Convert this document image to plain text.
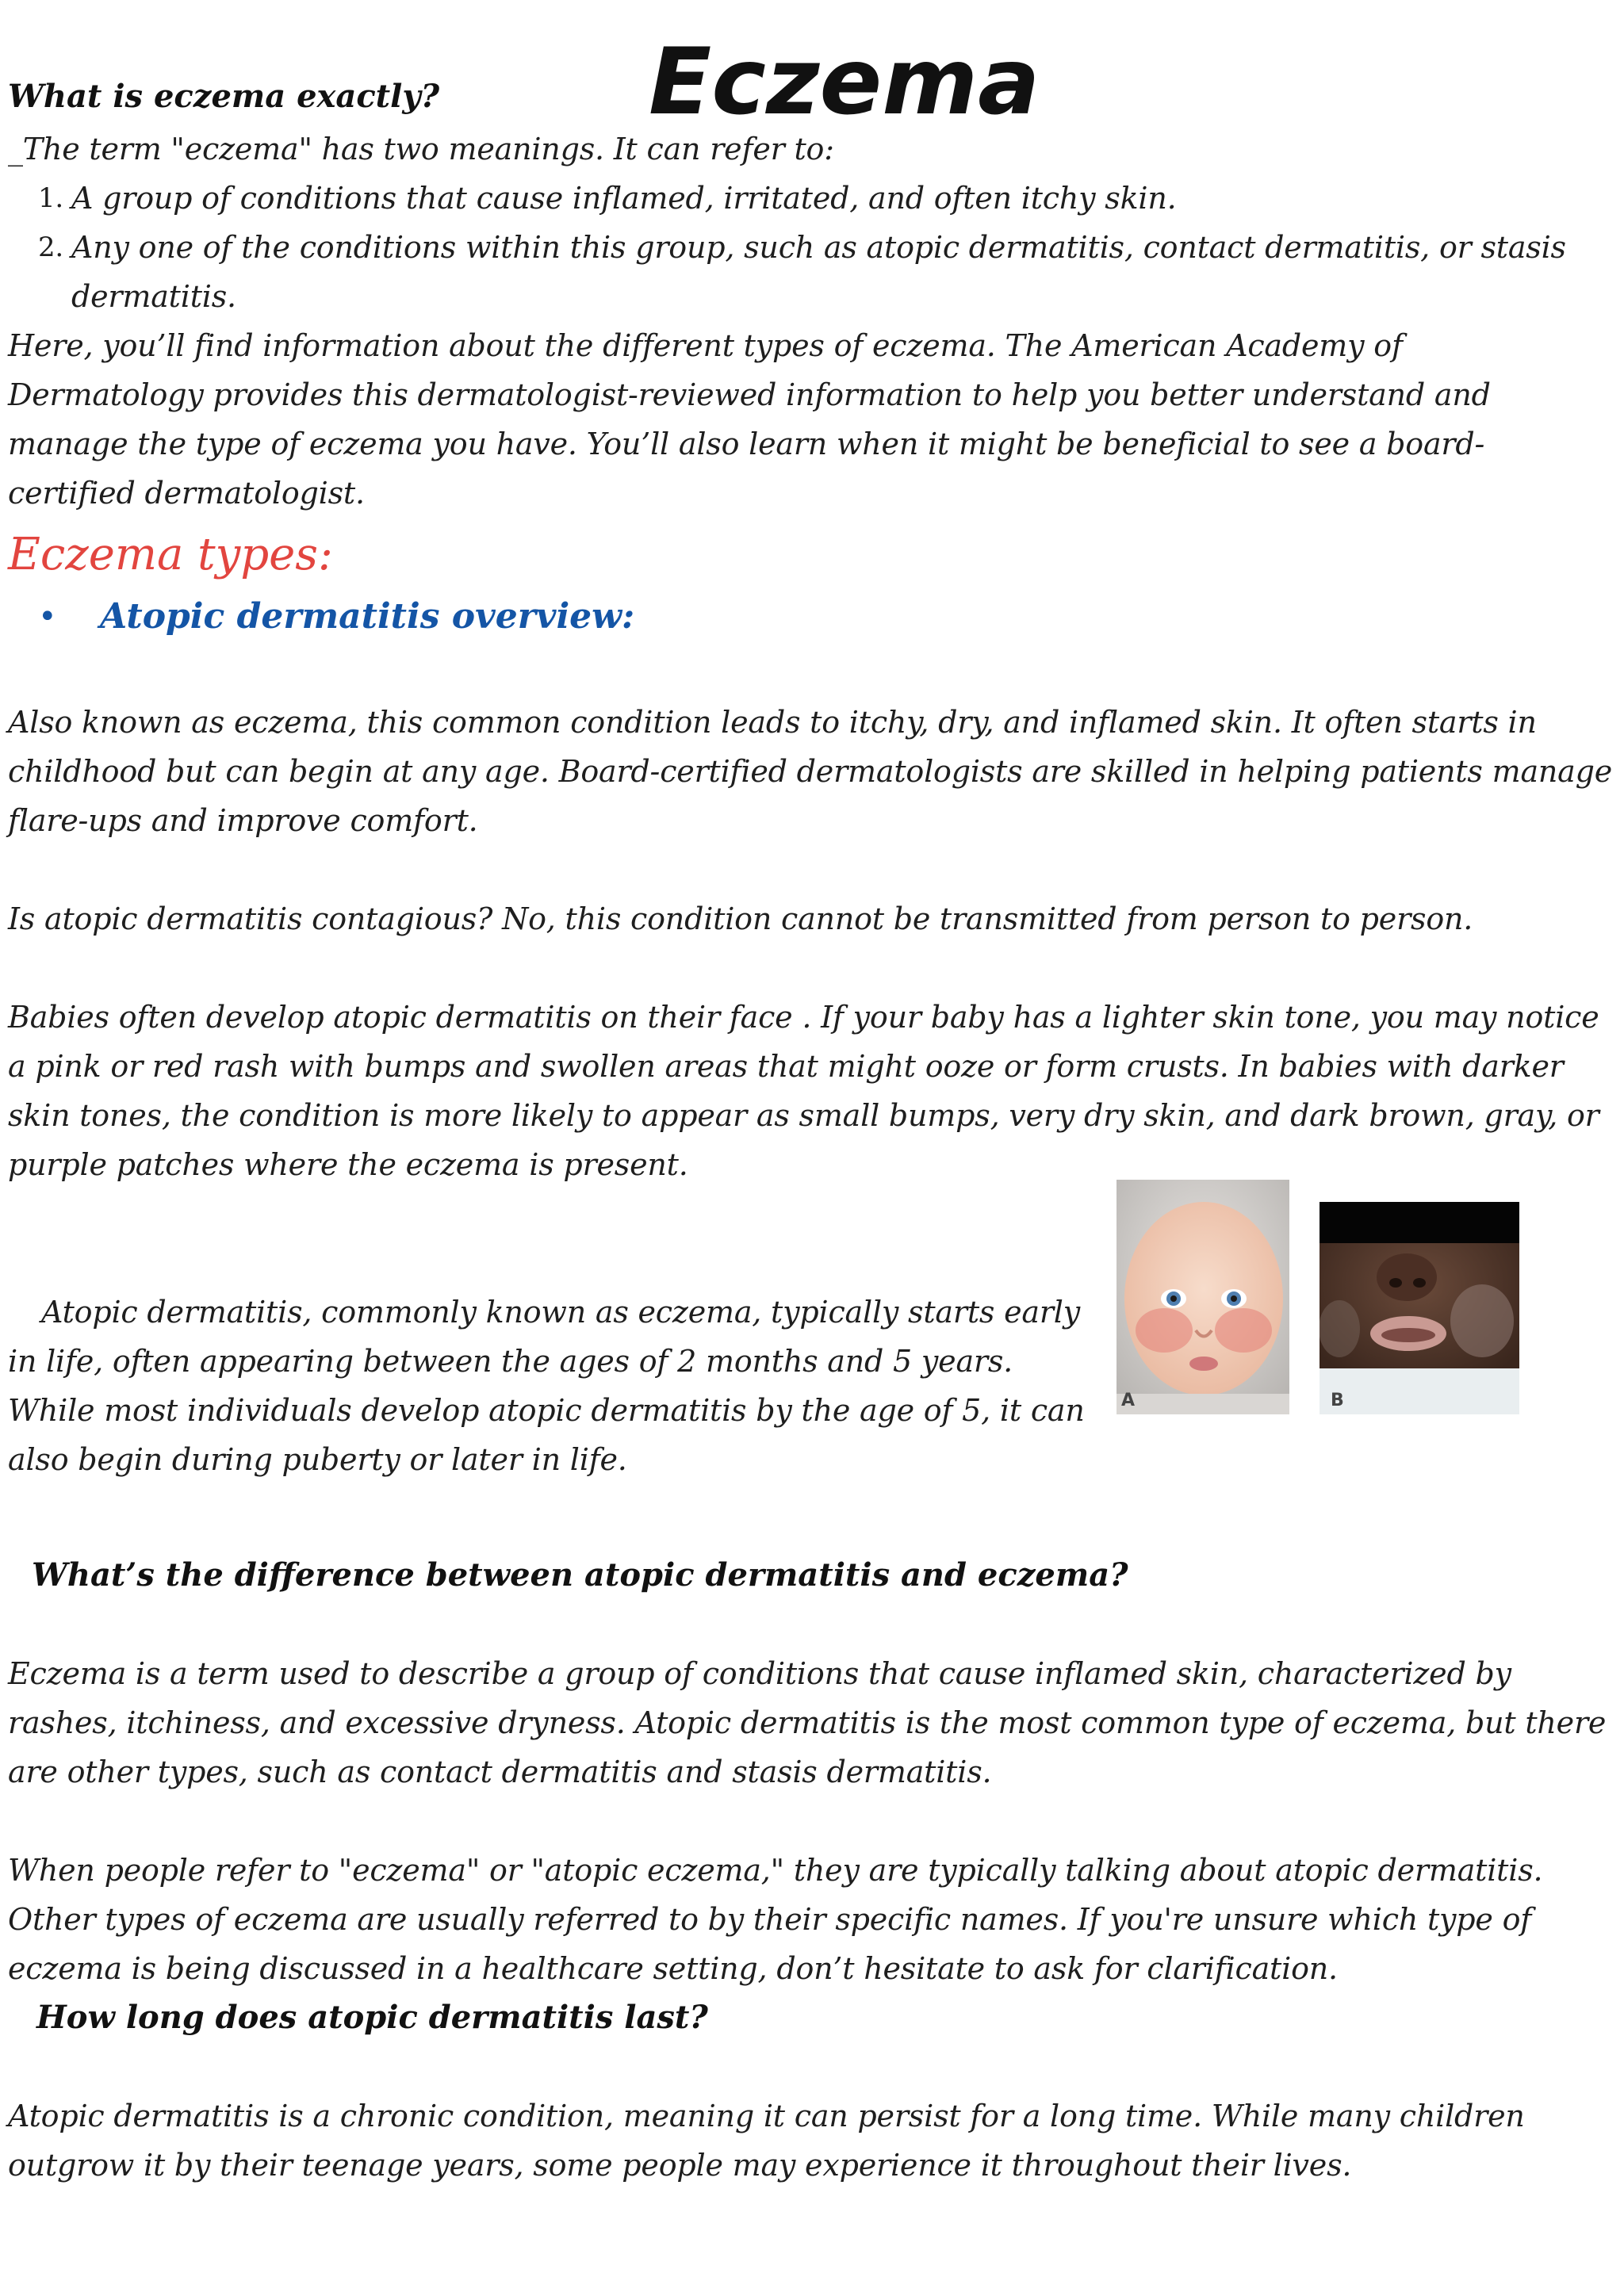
Eczema
What is eczema exactly?
_The term "eczema" has two meanings. It can refer to:
1. A group of conditions that cause inflamed, irritated, and often itchy skin.
2. Any one of the conditions within this group, such as atopic dermatitis, contact dermatitis, or stasis dermatitis.
Here, you’ll find information about the different types of eczema. The American Academy of Dermatology provides this dermatologist-reviewed information to help you better understand and manage the type of eczema you have. You’ll also learn when it might be beneficial to see a board-certified dermatologist.
Eczema types:
• Atopic dermatitis overview:
Also known as eczema, this common condition leads to itchy, dry, and inflamed skin. It often starts in childhood but can begin at any age. Board-certified dermatologists are skilled in helping patients manage flare-ups and improve comfort.
Is atopic dermatitis contagious? No, this condition cannot be transmitted from person to person.
Babies often develop atopic dermatitis on their face . If your baby has a lighter skin tone, you may notice a pink or red rash with bumps and swollen areas that might ooze or form crusts. In babies with darker skin tones, the condition is more likely to appear as small bumps, very dry skin, and dark brown, gray, or purple patches where the eczema is present.
Atopic dermatitis, commonly known as eczema, typically starts early in life, often appearing between the ages of 2 months and 5 years. While most individuals develop atopic dermatitis by the age of 5, it can also begin during puberty or later in life.
A	B
What’s the difference between atopic dermatitis and eczema?
Eczema is a term used to describe a group of conditions that cause inflamed skin, characterized by rashes, itchiness, and excessive dryness. Atopic dermatitis is the most common type of eczema, but there are other types, such as contact dermatitis and stasis dermatitis.
When people refer to "eczema" or "atopic eczema," they are typically talking about atopic dermatitis. Other types of eczema are usually referred to by their specific names. If you're unsure which type of eczema is being discussed in a healthcare setting, don’t hesitate to ask for clarification.
How long does atopic dermatitis last?
Atopic dermatitis is a chronic condition, meaning it can persist for a long time. While many children outgrow it by their teenage years, some people may experience it throughout their lives.
